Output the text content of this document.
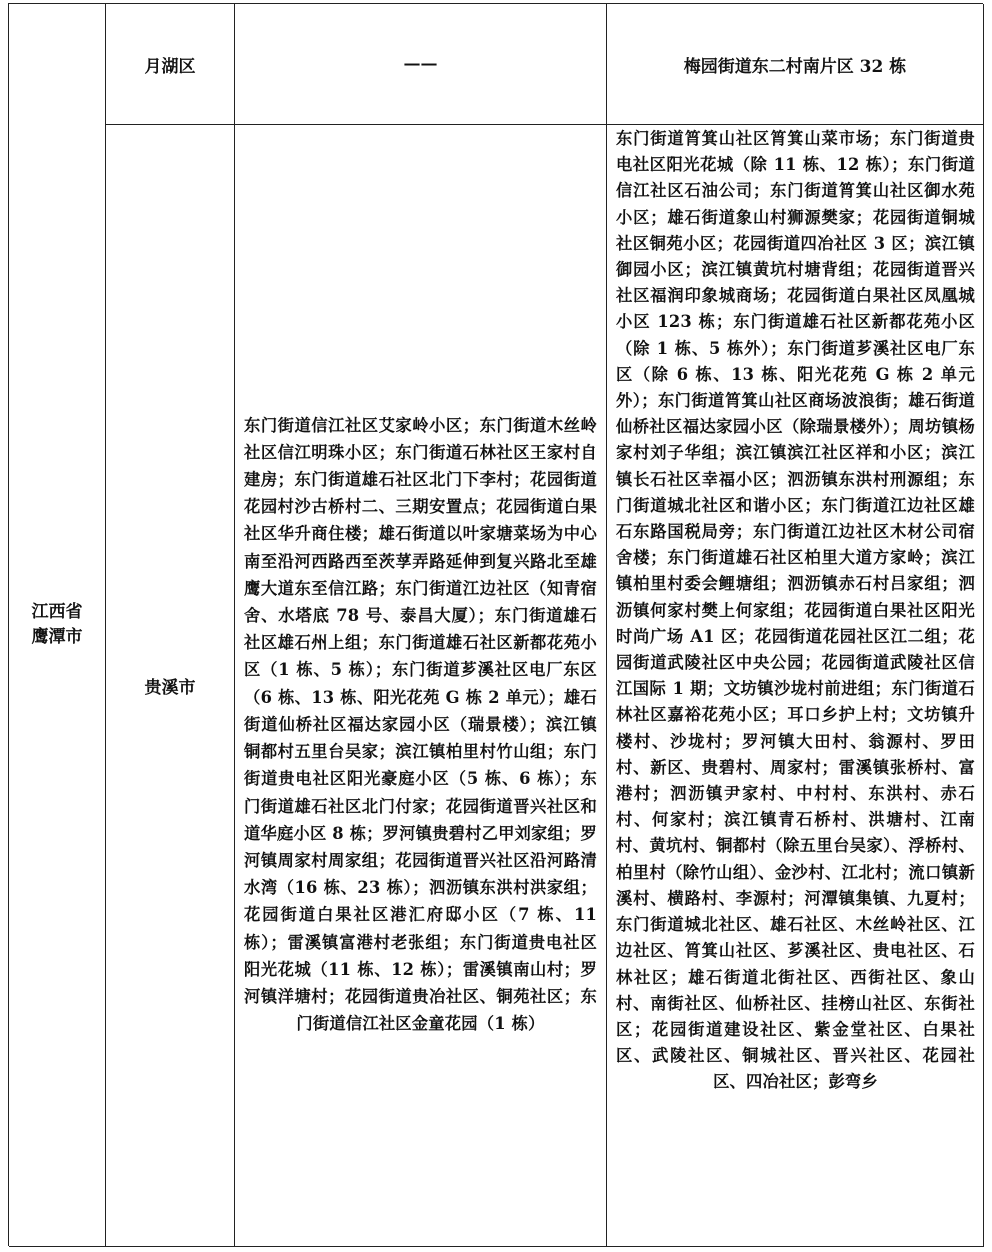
江西省
鹰潭市
月湖区	——	梅园街道东二村南片区 32 栋
贵溪市
东门街道信江社区艾家岭小区；东门街道木丝岭社区信江明珠小区；东门街道石林社区王家村自建房；东门街道雄石社区北门下李村；花园街道花园村沙古桥村二、三期安置点；花园街道白果社区华升商住楼；雄石街道以叶家塘菜场为中心南至沿河西路西至茨莩弄路延伸到复兴路北至雄鹰大道东至信江路；东门街道江边社区（知青宿舍、水塔底 78 号、泰昌大厦）；东门街道雄石社区雄石州上组；东门街道雄石社区新都花苑小区（1 栋、5 栋）；东门街道芗溪社区电厂东区（6 栋、13 栋、阳光花苑 G 栋 2 单元）；雄石街道仙桥社区福达家园小区（瑞景楼）；滨江镇铜都村五里台吴家；滨江镇柏里村竹山组；东门街道贵电社区阳光豪庭小区（5 栋、6 栋）；东门街道雄石社区北门付家；花园街道晋兴社区和道华庭小区 8 栋；罗河镇贵碧村乙甲刘家组；罗河镇周家村周家组；花园街道晋兴社区沿河路清水湾（16 栋、23 栋）；泗沥镇东洪村洪家组；花园街道白果社区港汇府邸小区（7 栋、11 栋）；雷溪镇富港村老张组；东门街道贵电社区阳光花城（11 栋、12 栋）；雷溪镇南山村；罗河镇洋塘村；花园街道贵冶社区、铜苑社区；东门街道信江社区金童花园（1 栋）
东门街道筲箕山社区筲箕山菜市场；东门街道贵电社区阳光花城（除 11 栋、12 栋）；东门街道信江社区石油公司；东门街道筲箕山社区御水苑小区；雄石街道象山村狮源樊家；花园街道铜城社区铜苑小区；花园街道四冶社区 3 区；滨江镇御园小区；滨江镇黄坑村塘背组；花园街道晋兴社区福润印象城商场；花园街道白果社区凤凰城小区 123 栋；东门街道雄石社区新都花苑小区（除 1 栋、5 栋外）；东门街道芗溪社区电厂东区（除 6 栋、13 栋、阳光花苑 G 栋 2 单元外）；东门街道筲箕山社区商场波浪街；雄石街道仙桥社区福达家园小区（除瑞景楼外）；周坊镇杨家村刘子华组；滨江镇滨江社区祥和小区；滨江镇长石社区幸福小区；泗沥镇东洪村刑源组；东门街道城北社区和谐小区；东门街道江边社区雄石东路国税局旁；东门街道江边社区木材公司宿舍楼；东门街道雄石社区柏里大道方家岭；滨江镇柏里村委会鲤塘组；泗沥镇赤石村吕家组；泗沥镇何家村樊上何家组；花园街道白果社区阳光时尚广场 A1 区；花园街道花园社区江二组；花园街道武陵社区中央公园；花园街道武陵社区信江国际 1 期；文坊镇沙垅村前进组；东门街道石林社区嘉裕花苑小区；耳口乡护上村；文坊镇升楼村、沙垅村；罗河镇大田村、翁源村、罗田村、新区、贵碧村、周家村；雷溪镇张桥村、富港村；泗沥镇尹家村、中村村、东洪村、赤石村、何家村；滨江镇青石桥村、洪塘村、江南村、黄坑村、铜都村（除五里台吴家）、浮桥村、柏里村（除竹山组）、金沙村、江北村；流口镇新溪村、横路村、李源村；河潭镇集镇、九夏村；东门街道城北社区、雄石社区、木丝岭社区、江边社区、筲箕山社区、芗溪社区、贵电社区、石林社区；雄石街道北街社区、西街社区、象山村、南街社区、仙桥社区、挂榜山社区、东街社区；花园街道建设社区、紫金堂社区、白果社区、武陵社区、铜城社区、晋兴社区、花园社区、四冶社区；彭弯乡
